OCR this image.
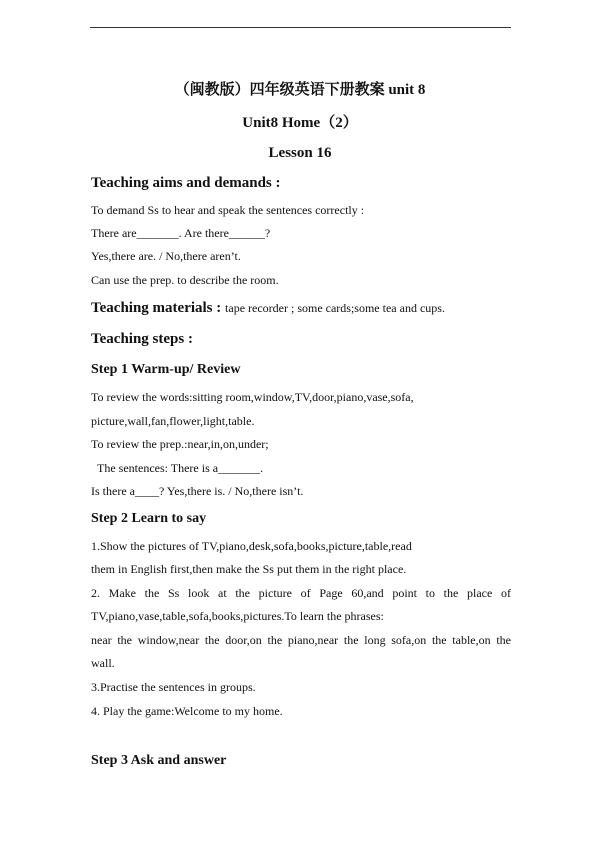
（闽教版）四年级英语下册教案 unit 8
Unit8 Home（2）
Lesson 16
Teaching aims and demands :
To demand Ss to hear and speak the sentences correctly :
There are_______. Are there______?
Yes,there are. / No,there aren’t.
Can use the prep. to describe the room.
Teaching materials : tape recorder ; some cards;some tea and cups.
Teaching steps :
Step 1 Warm-up/ Review
To review the words:sitting room,window,TV,door,piano,vase,sofa,
picture,wall,fan,flower,light,table.
To review the prep.:near,in,on,under;
The sentences: There is a_______.
Is there a____? Yes,there is. / No,there isn’t.
Step 2 Learn to say
1.Show the pictures of TV,piano,desk,sofa,books,picture,table,read
them in English first,then make the Ss put them in the right place.
2. Make the Ss look at the picture of Page 60,and point to the place of
TV,piano,vase,table,sofa,books,pictures.To learn the phrases:
near the window,near the door,on the piano,near the long sofa,on the table,on the
wall.
3.Practise the sentences in groups.
4. Play the game:Welcome to my home.
Step 3 Ask and answer
